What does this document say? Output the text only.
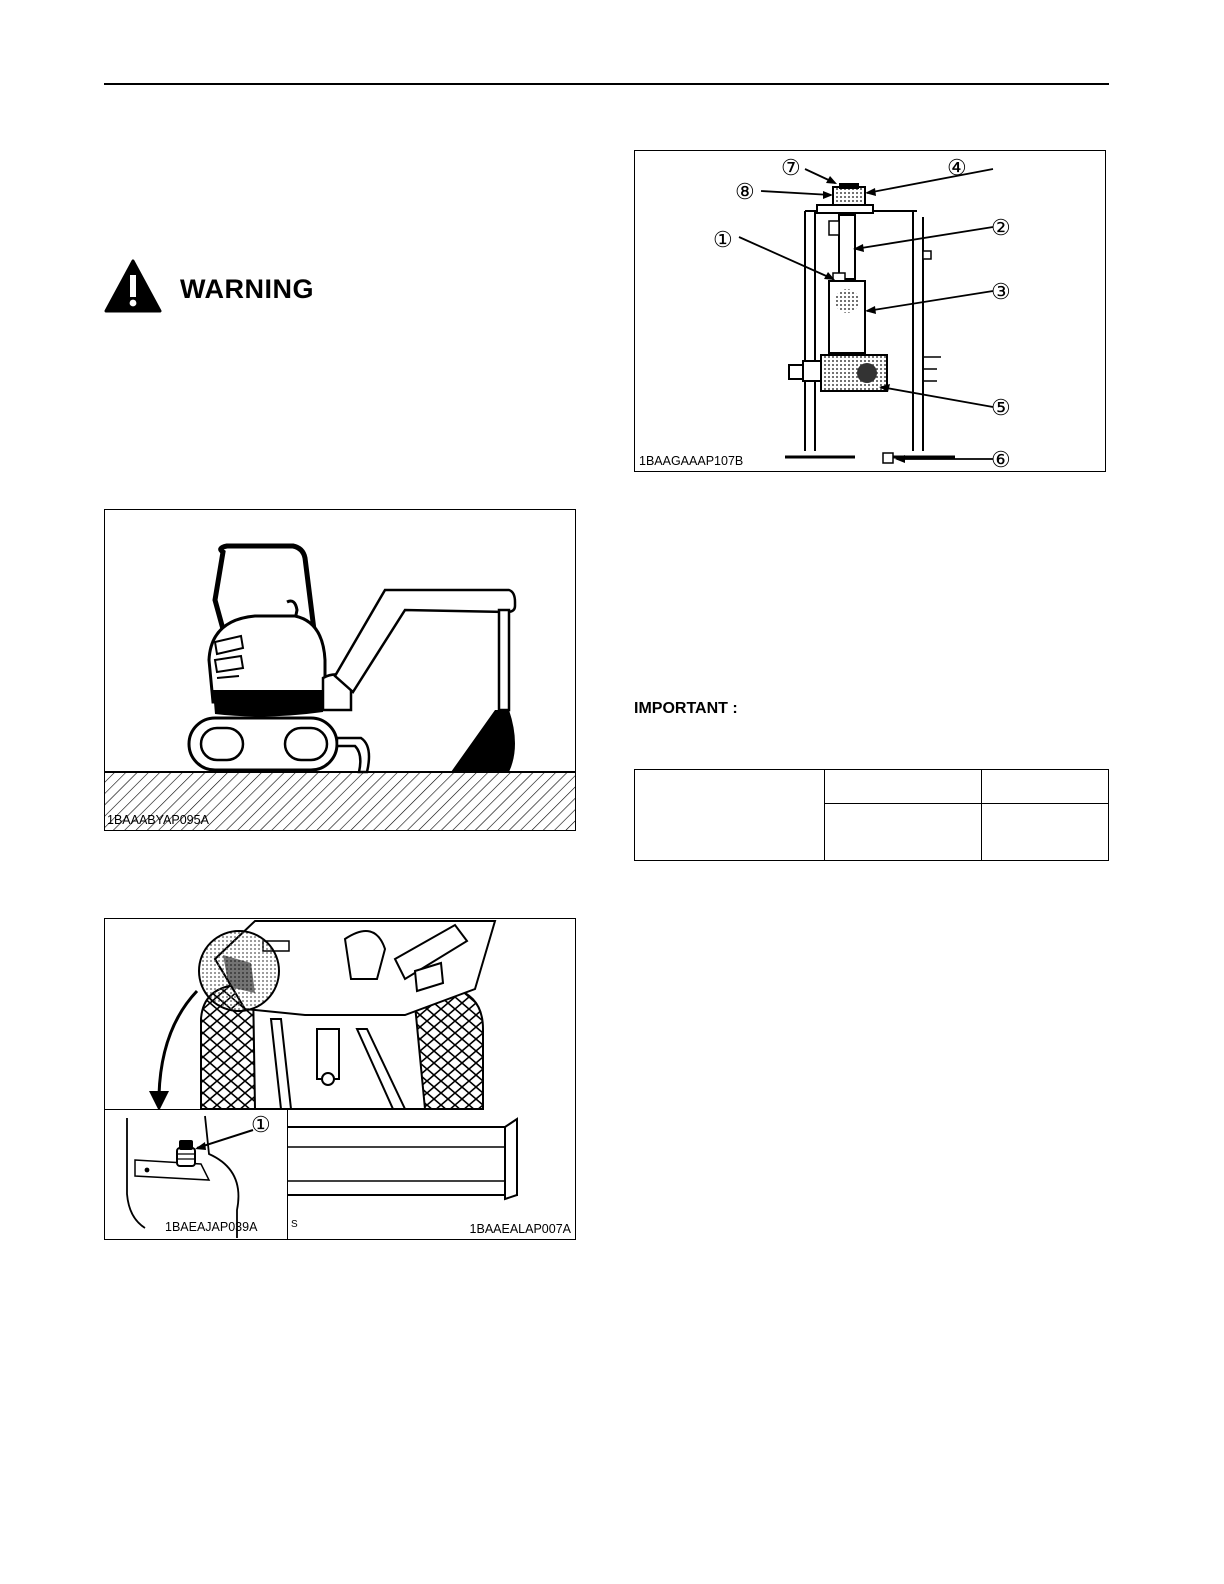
WARNING
1BAAABYAP095A
①
1BAEAJAP039A	S	1BAAEALAP007A
①	②
③
④
⑤
⑥
⑦
⑧
1BAAGAAAP107B
IMPORTANT :
